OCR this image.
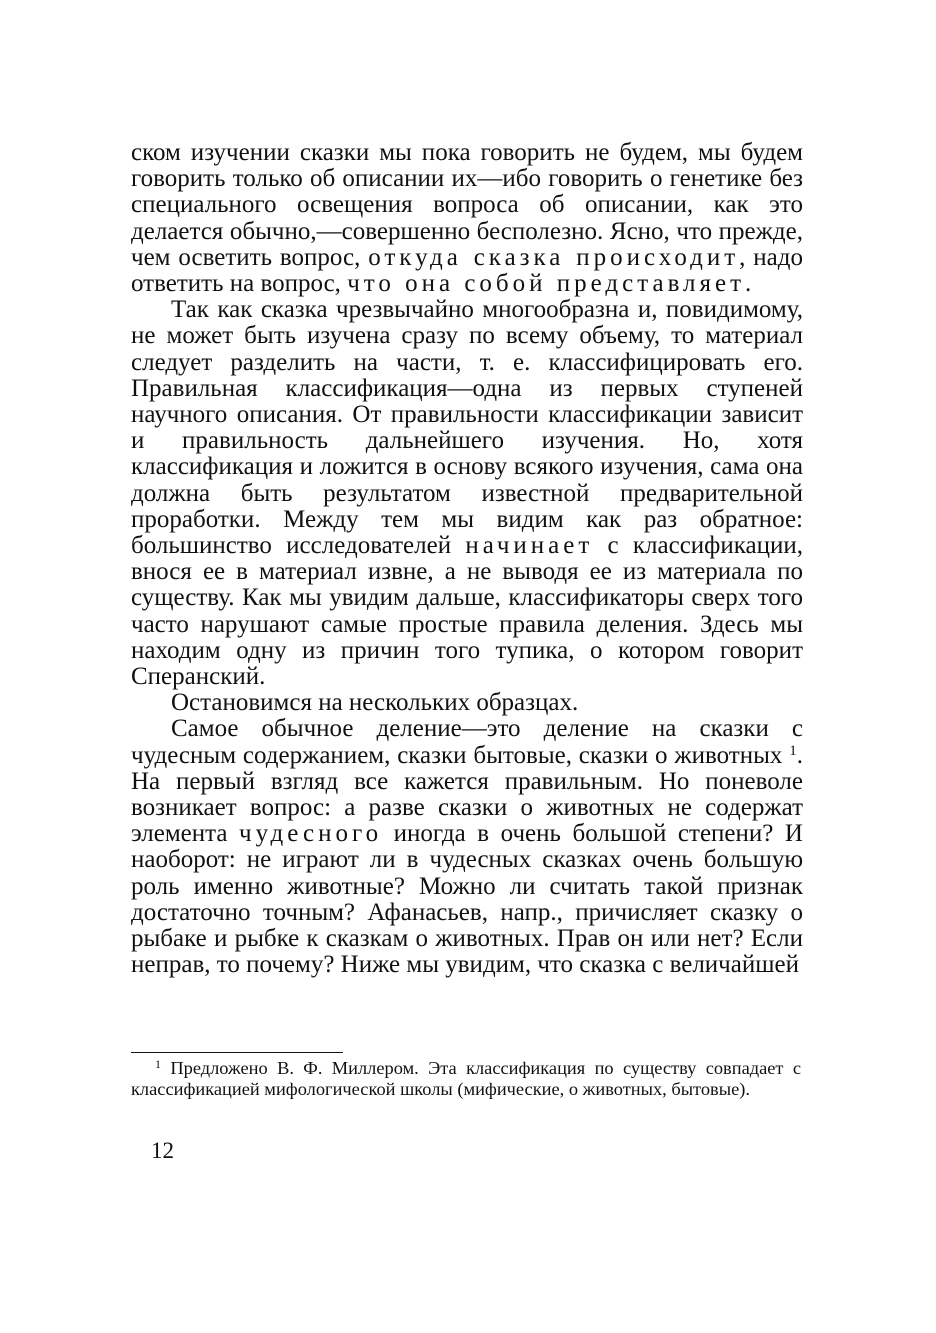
ском изучении сказки мы пока говорить не будем, мы будем говорить только об описании их—ибо говорить о генетике без специального освещения вопроса об описании, как это делается обычно,—совершенно бесполезно. Ясно, что прежде, чем осветить вопрос, откуда сказка происходит, надо ответить на вопрос, что она собой представляет.

Так как сказка чрезвычайно многообразна и, повидимому, не может быть изучена сразу по всему объему, то материал следует разделить на части, т. е. классифицировать его. Правильная классификация—одна из первых ступеней научного описания. От правильности классификации зависит и правильность дальнейшего изучения. Но, хотя классификация и ложится в основу всякого изучения, сама она должна быть результатом известной предварительной проработки. Между тем мы видим как раз обратное: большинство исследователей начинает с классификации, внося ее в материал извне, а не выводя ее из материала по существу. Как мы увидим дальше, классификаторы сверх того часто нарушают самые простые правила деления. Здесь мы находим одну из причин того тупика, о котором говорит Сперанский.

Остановимся на нескольких образцах.

Самое обычное деление—это деление на сказки с чудесным содержанием, сказки бытовые, сказки о животных $^1$. На первый взгляд все кажется правильным. Но поневоле возникает вопрос: а разве сказки о животных не содержат элемента чудесного иногда в очень большой степени? И наоборот: не играют ли в чудесных сказках очень большую роль именно животные? Можно ли считать такой признак достаточно точным? Афанасьев, напр., причисляет сказку о рыбаке и рыбке к сказкам о животных. Прав он или нет? Если неправ, то почему? Ниже мы увидим, что сказка с величайшей

$^1$ Предложено В. Ф. Миллером. Эта классификация по существу совпадает с классификацией мифологической школы (мифические, о животных, бытовые).

12
